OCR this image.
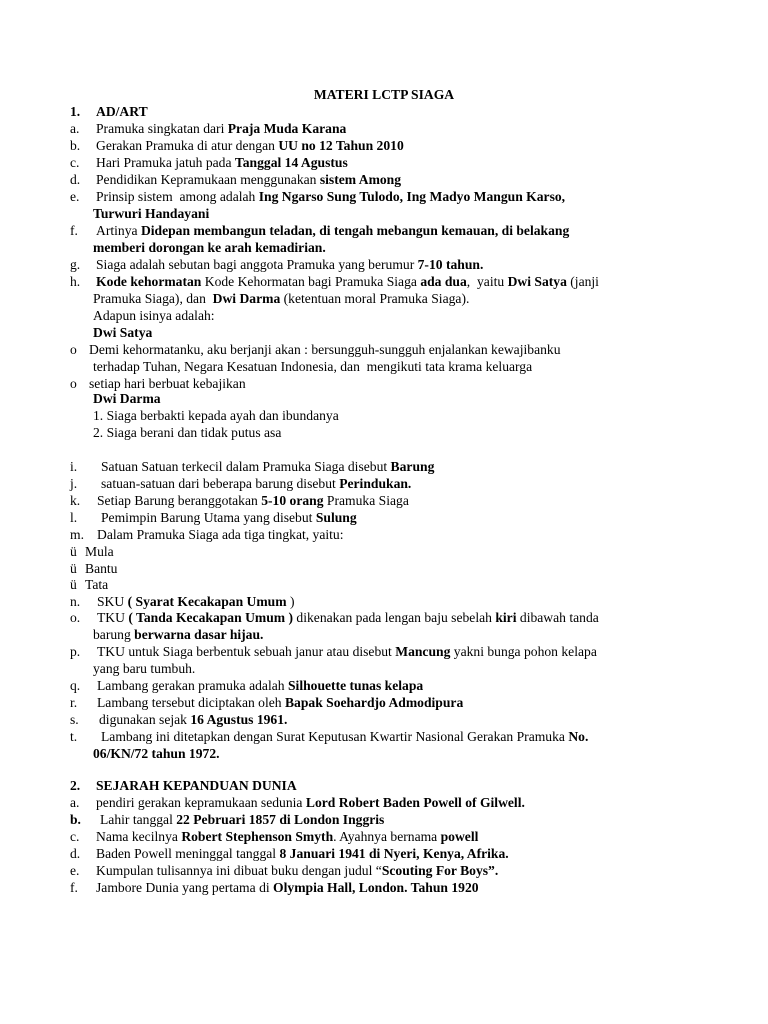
MATERI LCTP SIAGA
1. AD/ART
a. Pramuka singkatan dari Praja Muda Karana
b. Gerakan Pramuka di atur dengan UU no 12 Tahun 2010
c. Hari Pramuka jatuh pada Tanggal 14 Agustus
d. Pendidikan Kepramukaan menggunakan sistem Among
e. Prinsip sistem  among adalah Ing Ngarso Sung Tulodo, Ing Madyo Mangun Karso,
Turwuri Handayani
f. Artinya Didepan membangun teladan, di tengah mebangun kemauan, di belakang
memberi dorongan ke arah kemadirian.
g. Siaga adalah sebutan bagi anggota Pramuka yang berumur 7-10 tahun.
h. Kode kehormatan Kode Kehormatan bagi Pramuka Siaga ada dua,  yaitu Dwi Satya (janji
Pramuka Siaga), dan  Dwi Darma (ketentuan moral Pramuka Siaga).
Adapun isinya adalah:
Dwi Satya
o Demi kehormatanku, aku berjanji akan : bersungguh-sungguh enjalankan kewajibanku
terhadap Tuhan, Negara Kesatuan Indonesia, dan  mengikuti tata krama keluarga
o setiap hari berbuat kebajikan
Dwi Darma
1. Siaga berbakti kepada ayah dan ibundanya
2. Siaga berani dan tidak putus asa
i. Satuan Satuan terkecil dalam Pramuka Siaga disebut Barung
j. satuan-satuan dari beberapa barung disebut Perindukan.
k. Setiap Barung beranggotakan 5-10 orang Pramuka Siaga
l. Pemimpin Barung Utama yang disebut Sulung
m. Dalam Pramuka Siaga ada tiga tingkat, yaitu:
ü Mula
ü Bantu
ü Tata
n. SKU ( Syarat Kecakapan Umum )
o. TKU ( Tanda Kecakapan Umum ) dikenakan pada lengan baju sebelah kiri dibawah tanda
barung berwarna dasar hijau.
p. TKU untuk Siaga berbentuk sebuah janur atau disebut Mancung yakni bunga pohon kelapa
yang baru tumbuh.
q. Lambang gerakan pramuka adalah Silhouette tunas kelapa
r. Lambang tersebut diciptakan oleh Bapak Soehardjo Admodipura
s. digunakan sejak 16 Agustus 1961.
t. Lambang ini ditetapkan dengan Surat Keputusan Kwartir Nasional Gerakan Pramuka No.
06/KN/72 tahun 1972.
2. SEJARAH KEPANDUAN DUNIA
a. pendiri gerakan kepramukaan sedunia Lord Robert Baden Powell of Gilwell.
b. Lahir tanggal 22 Pebruari 1857 di London Inggris
c. Nama kecilnya Robert Stephenson Smyth. Ayahnya bernama powell
d. Baden Powell meninggal tanggal 8 Januari 1941 di Nyeri, Kenya, Afrika.
e. Kumpulan tulisannya ini dibuat buku dengan judul “Scouting For Boys”.
f. Jambore Dunia yang pertama di Olympia Hall, London. Tahun 1920
